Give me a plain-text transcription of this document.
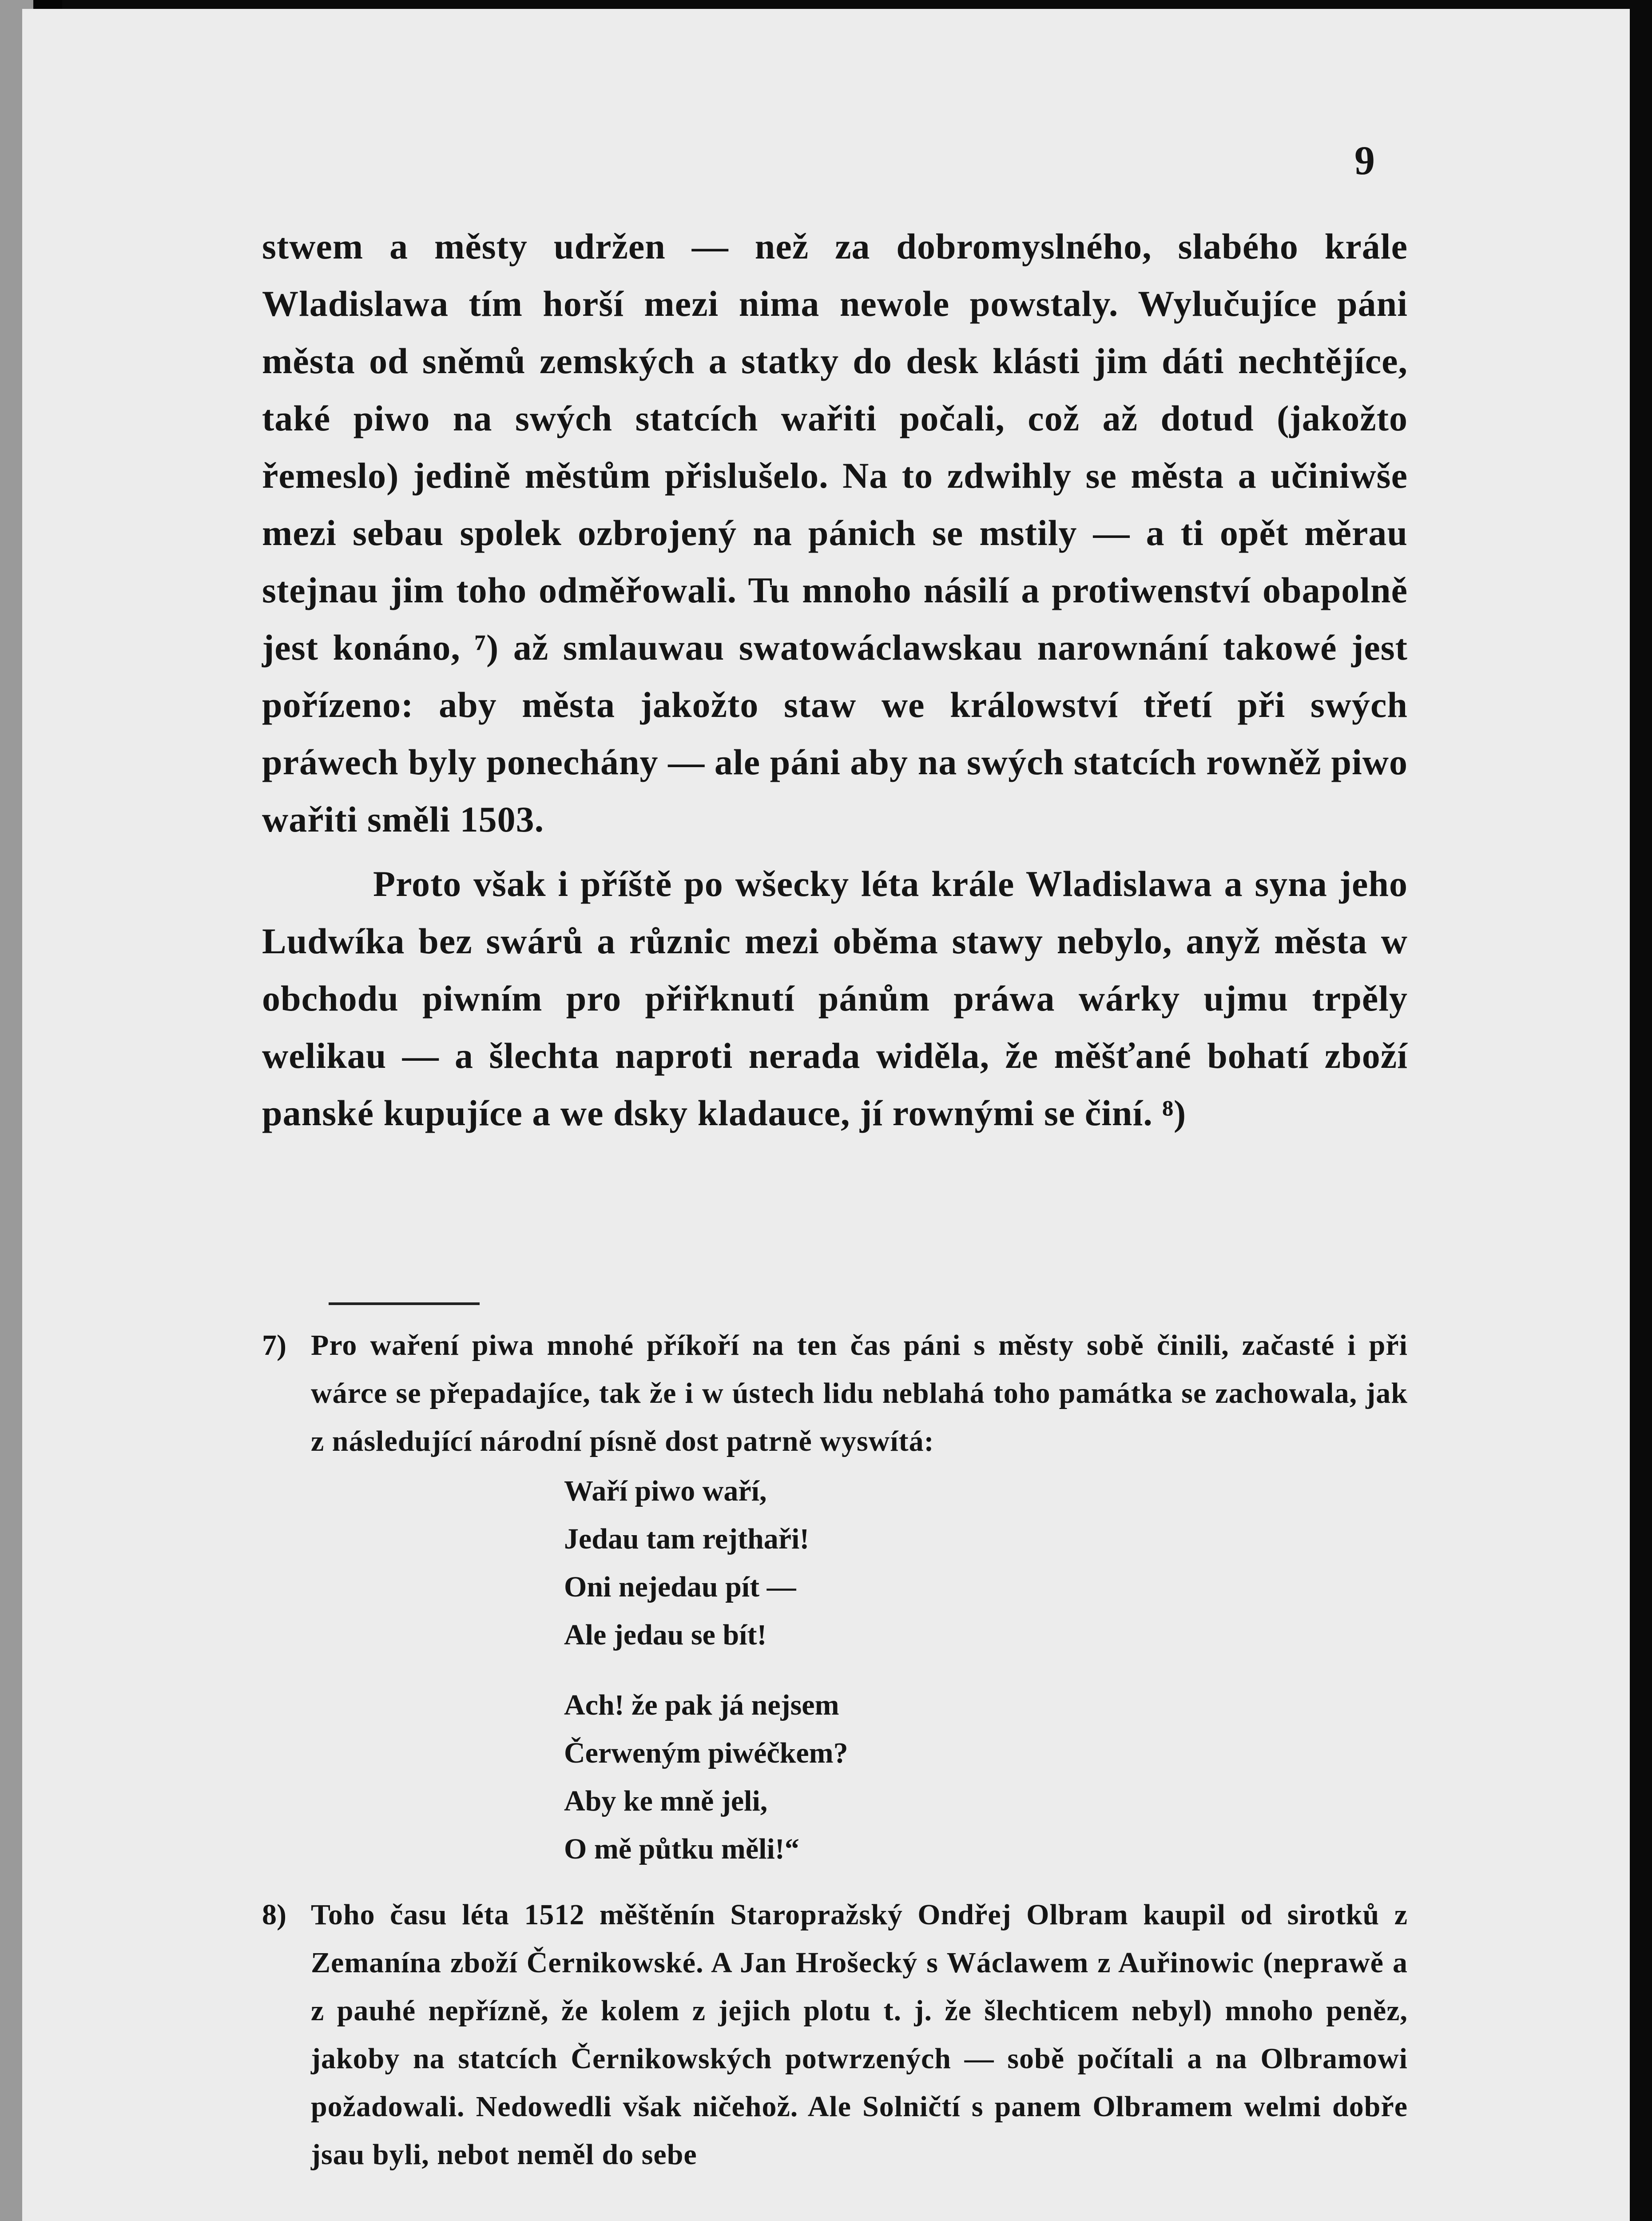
9

stwem a městy udržen — než za dobromyslného, slabého krále Wladislawa tím horší mezi nima newole powstaly. Wylučujíce páni města od sněmů zemských a statky do desk klásti jim dáti nechtějíce, také piwo na swých statcích wařiti počali, což až dotud (jakožto řemeslo) jedině městům přislušelo. Na to zdwihly se města a učiniwše mezi sebau spolek ozbrojený na pánich se mstily — a ti opět měrau stejnau jim toho odměřowali. Tu mnoho násilí a protiwenství obapolně jest konáno, ⁷) až smlauwau swatowáclawskau narownání takowé jest pořízeno: aby města jakožto staw we králowství třetí při swých práwech byly ponechány — ale páni aby na swých statcích rowněž piwo wařiti směli 1503.

Proto však i příště po wšecky léta krále Wladislawa a syna jeho Ludwíka bez swárů a různic mezi oběma stawy nebylo, anyž města w obchodu piwním pro přiřknutí pánům práwa wárky ujmu trpěly welikau — a šlechta naproti nerada widěla, že měšťané bohatí zboží panské kupujíce a we dsky kladauce, jí rownými se činí. ⁸)

7) Pro waření piwa mnohé příkoří na ten čas páni s městy sobě činili, začasté i při wárce se přepadajíce, tak že i w ústech lidu neblahá toho památka se zachowala, jak z následující národní písně dost patrně wyswítá:

Waří piwo waří,
Jedau tam rejthaři!
Oni nejedau pít —
Ale jedau se bít!
Ach! že pak já nejsem
Čerweným piwéčkem?
Aby ke mně jeli,
O mě půtku měli!“
8) Toho času léta 1512 měštěnín Staropražský Ondřej Olbram kaupil od sirotků z Zemanína zboží Černikowské. A Jan Hrošecký s Wáclawem z Auřinowic (neprawě a z pauhé nepřízně, že kolem z jejich plotu t. j. že šlechticem nebyl) mnoho peněz, jakoby na statcích Černikowských potwrzených — sobě počítali a na Olbramowi požadowali. Nedowedli však ničehož. Ale Solničtí s panem Olbramem welmi dobře jsau byli, nebot neměl do sebe
